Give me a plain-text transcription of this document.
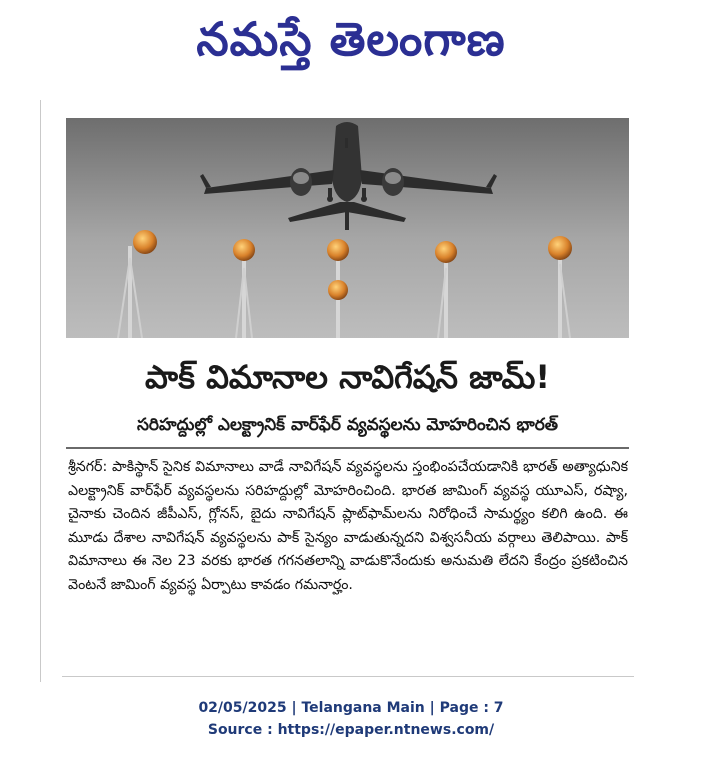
నమస్తే తెలంగాణ
పాక్ విమానాల నావిగేషన్ జామ్!
సరిహద్దుల్లో ఎలక్ట్రానిక్ వార్‌ఫేర్ వ్యవస్థలను మోహరించిన భారత్

శ్రీనగర్: పాకిస్థాన్ సైనిక విమానాలు వాడే నావిగేషన్ వ్యవస్థలను స్తంభింపచేయడానికి భారత్ అత్యాధునిక ఎలక్ట్రానిక్ వార్‌ఫేర్ వ్యవస్థలను సరిహద్దుల్లో మోహరించింది. భారత జామింగ్ వ్యవస్థ యూఎస్, రష్యా, చైనాకు చెందిన జీపీఎస్, గ్లోనస్, బైదు నావిగేషన్ ప్లాట్‌ఫామ్‌లను నిరోధించే సామర్థ్యం కలిగి ఉంది. ఈ మూడు దేశాల నావిగేషన్ వ్యవస్థలను పాక్ సైన్యం వాడుతున్నదని విశ్వసనీయ వర్గాలు తెలిపాయి. పాక్ విమానాలు ఈ నెల 23 వరకు భారత గగనతలాన్ని వాడుకొనేందుకు అనుమతి లేదని కేంద్రం ప్రకటించిన వెంటనే జామింగ్ వ్యవస్థ ఏర్పాటు కావడం గమనార్హం.

02/05/2025 | Telangana Main | Page : 7
Source : https://epaper.ntnews.com/
